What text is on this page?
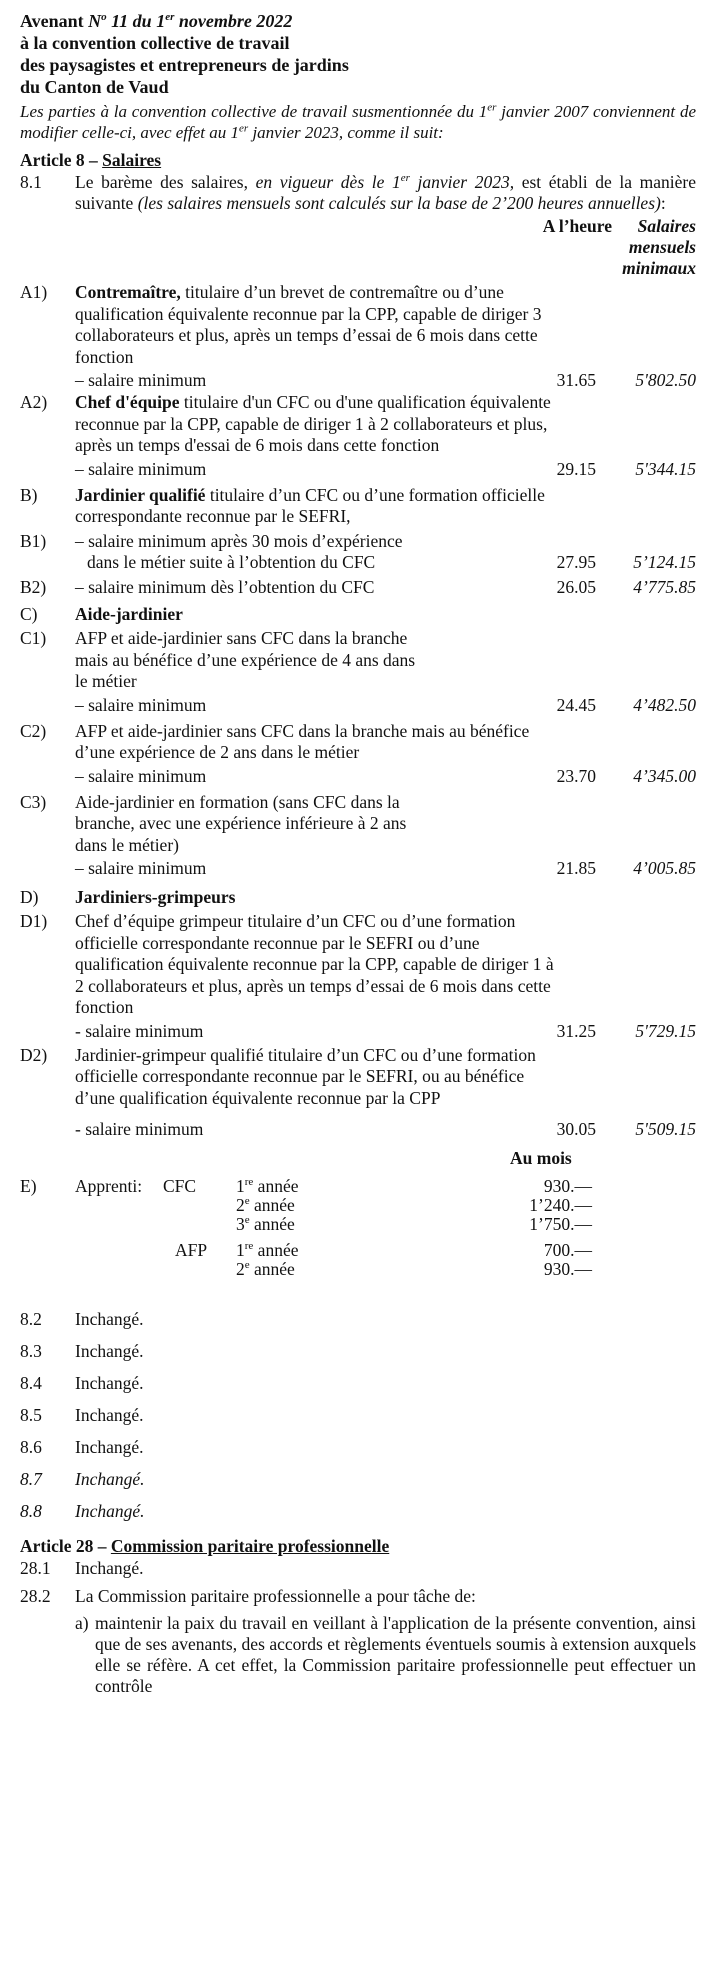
Avenant $N^o$ 11 du 1er novembre 2022
à la convention collective de travail
des paysagistes et entrepreneurs de jardins
du Canton de Vaud
Les parties à la convention collective de travail susmentionnée du 1er janvier 2007 conviennent de modifier celle-ci, avec effet au 1er janvier 2023, comme il suit:
Article 8 – Salaires
8.1 Le barème des salaires, en vigueur dès le 1er janvier 2023, est établi de la manière suivante (les salaires mensuels sont calculés sur la base de 2’200 heures annuelles):
A l’heure	Salaires
mensuels
minimaux
A1) Contremaître, titulaire d’un brevet de contremaître ou d’une qualification équivalente reconnue par la CPP, capable de diriger 3 collaborateurs et plus, après un temps d’essai de 6 mois dans cette fonction
– salaire minimum	31.65	5'802.50
A2) Chef d'équipe titulaire d'un CFC ou d'une qualification équivalente reconnue par la CPP, capable de diriger 1 à 2 collaborateurs et plus, après un temps d'essai de 6 mois dans cette fonction
– salaire minimum	29.15	5'344.15
B) Jardinier qualifié titulaire d’un CFC ou d’une formation officielle correspondante reconnue par le SEFRI,
B1) – salaire minimum après 30 mois d’expérience
dans le métier suite à l’obtention du CFC	27.95	5’124.15
B2) – salaire minimum dès l’obtention du CFC	26.05	4’775.85
C) Aide-jardinier
C1) AFP et aide-jardinier sans CFC dans la branche mais au bénéfice d’une expérience de 4 ans dans le métier
– salaire minimum	24.45	4’482.50
C2) AFP et aide-jardinier sans CFC dans la branche mais au bénéfice d’une expérience de 2 ans dans le métier
– salaire minimum	23.70	4’345.00
C3) Aide-jardinier en formation (sans CFC dans la branche, avec une expérience inférieure à 2 ans dans le métier)
– salaire minimum	21.85	4’005.85
D) Jardiniers-grimpeurs
D1) Chef d’équipe grimpeur titulaire d’un CFC ou d’une formation officielle correspondante reconnue par le SEFRI ou d’une qualification équivalente reconnue par la CPP, capable de diriger 1 à 2 collaborateurs et plus, après un temps d’essai de 6 mois dans cette fonction
- salaire minimum	31.25	5'729.15
D2) Jardinier-grimpeur qualifié titulaire d’un CFC ou d’une formation officielle correspondante reconnue par le SEFRI, ou au bénéfice d’une qualification équivalente reconnue par la CPP
- salaire minimum	30.05	5'509.15
Au mois
E) Apprenti: CFC 1re année	930.—
2e année	1’240.—
3e année	1’750.—
AFP 1re année	700.—
2e année	930.—
8.2 Inchangé.
8.3 Inchangé.
8.4 Inchangé.
8.5 Inchangé.
8.6 Inchangé.
8.7 Inchangé.
8.8 Inchangé.
Article 28 – Commission paritaire professionnelle
28.1 Inchangé.
28.2 La Commission paritaire professionnelle a pour tâche de:
a) maintenir la paix du travail en veillant à l'application de la présente convention, ainsi que de ses avenants, des accords et règlements éventuels soumis à extension auxquels elle se réfère. A cet effet, la Commission paritaire professionnelle peut effectuer un contrôle
